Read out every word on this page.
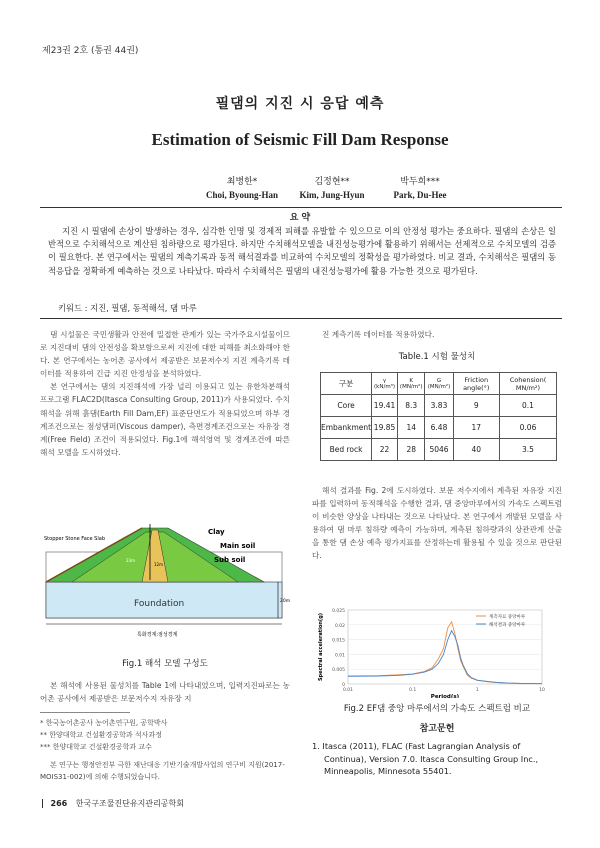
제23권 2호 (통권 44권)
필댐의 지진 시 응답 예측
Estimation of Seismic Fill Dam Response
최병한*
Choi, Byoung-Han
김정현**
Kim, Jung-Hyun
박두희***
Park, Du-Hee
요 약
지진 시 필댐에 손상이 발생하는 경우, 심각한 인명 및 경제적 피해를 유발할 수 있으므로 이의 안정성 평가는 중요하다. 필댐의 손상은 일반적으로 수치해석으로 계산된 침하량으로 평가된다. 하지만 수치해석모델을 내진성능평가에 활용하기 위해서는 선제적으로 수치모델의 검증이 필요한다. 본 연구에서는 필댐의 계측기록과 동적 해석결과를 비교하여 수치모델의 정확성을 평가하였다. 비교 결과, 수치해석은 필댐의 동적응답을 정확하게 예측하는 것으로 나타났다. 따라서 수치해석은 필댐의 내진성능평가에 활용 가능한 것으로 평가된다.
키워드 : 지진, 필댐, 동적해석, 댐 마루

댐 시설물은 국민생활과 안전에 밀접한 관계가 있는 국가주요시설물이므로 지진대비 댐의 안전성을 확보함으로써 지진에 대한 피해를 최소화해야 한다. 본 연구에서는 농어촌 공사에서 제공받은 보문저수지 지진 계측기록 데이터를 적용하여 긴급 지진 안정성을 분석하였다.

본 연구에서는 댐의 지진해석에 가장 널리 이용되고 있는 유한차분해석 프로그램 FLAC2D(Itasca Consulting Group, 2011)가 사용되었다. 수치해석을 위해 흙댐(Earth Fill Dam,EF) 표준단면도가 적용되었으며 하부 경계조건으로는 점성댐퍼(Viscous damper), 측면경계조건으로는 자유장 경계(Free Field) 조건이 적용되었다. Fig.1에 해석영역 및 경계조건에 따른 해석 모델을 도시하였다.

Stopper Stone Face Slab
Clay
Main soil
Sub soil
Foundation
23m
20m
12m
특화경계:점성경계
Fig.1 해석 모델 구성도

본 해석에 사용된 물성치를 Table 1에 나타내었으며, 입력지진파로는 농어촌 공사에서 제공받은 보문저수지 자유장 지

* 한국농어촌공사 농어촌연구원, 공학박사
** 한양대학교 건설환경공학과 석사과정
*** 한양대학교 건설환경공학과 교수
본 연구는 행정안전부 극한 재난대응 기반기술개발사업의 연구비 지원(2017-MOIS31-002)에 의해 수행되었습니다.

진 계측기록 데이터를 적용하였다.

Table.1 시험 물성치
구분	γ (kN/m³)	K (MN/m²)	G (MN/m²)	Friction angle(°)	Cohension( MN/m²)
Core	19.41	8.3	3.83	9	0.1
Embankment	19.85	14	6.48	17	0.06
Bed rock	22	28	5046	40	3.5

해석 결과를 Fig. 2에 도시하였다. 보문 저수지에서 계측된 자유장 지진파를 입력하여 동적해석을 수행한 결과, 댐 중앙마루에서의 가속도 스펙트럼이 비슷한 양상을 나타내는 것으로 나타났다. 본 연구에서 개발된 모델을 사용하여 댐 마루 침하량 예측이 가능하며, 계측된 침하량과의 상관관계 산출을 통한 댐 손상 예측 평가지표를 산정하는데 활용될 수 있을 것으로 판단된다.

0
0.005
0.01
0.015
0.02
0.025
0.01	0.1	1	10
Period(s)
Spectral acceleration(g)	계측자료 중앙마루
해석결과 중앙마루
Fig.2 EF댐 중앙 마루에서의 가속도 스펙트럼 비교
참고문헌
1. Itasca (2011), FLAC (Fast Lagrangian Analysis of Continua), Version 7.0. Itasca Consulting Group Inc., Minneapolis, Minnesota 55401.
266 한국구조물진단유지관리공학회
